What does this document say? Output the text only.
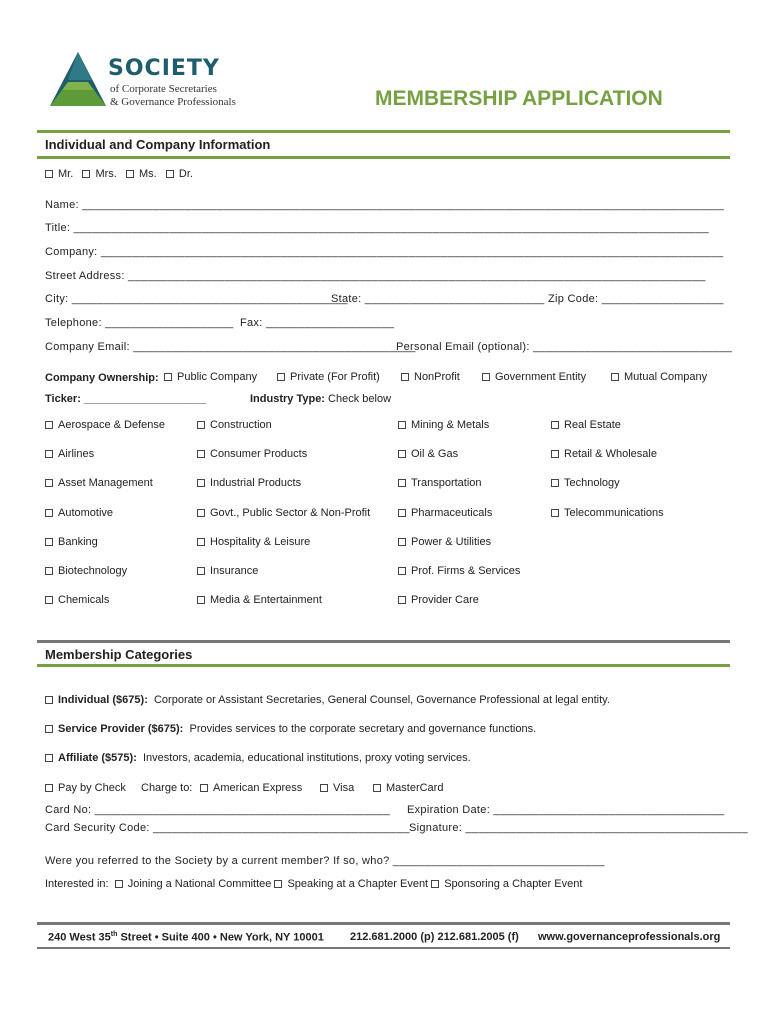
SOCIETY
of Corporate Secretaries
& Governance Professionals	MEMBERSHIP APPLICATION
Individual and Company Information
Mr. Mrs. Ms. Dr.
Name: ____________________________________________________________________________________________________
Title: ___________________________________________________________________________________________________
Company: _________________________________________________________________________________________________
Street Address: __________________________________________________________________________________________
City: ___________________________________________
State: ____________________________ Zip Code: ___________________
Telephone: ____________________ Fax: ____________________
Company Email: ____________________________________________
Personal Email (optional): _______________________________
Company Ownership:	Public Company	Private (For Profit)	NonProfit	Government Entity	Mutual Company
Ticker: ____________________	Industry Type: Check below
Aerospace & Defense	Construction	Mining & Metals	Real Estate
Airlines	Consumer Products	Oil & Gas	Retail & Wholesale
Asset Management	Industrial Products	Transportation	Technology
Automotive	Govt., Public Sector & Non-Profit	Pharmaceuticals	Telecommunications
Banking	Hospitality & Leisure	Power & Utilities
Biotechnology	Insurance	Prof. Firms & Services
Chemicals	Media & Entertainment	Provider Care
Membership Categories
Individual ($675): Corporate or Assistant Secretaries, General Counsel, Governance Professional at legal entity.
Service Provider ($675): Provides services to the corporate secretary and governance functions.
Affiliate ($575): Investors, academia, educational institutions, proxy voting services.
Pay by Check Charge to:	American Express	Visa	MasterCard
Card No: ______________________________________________ Expiration Date: ____________________________________
Card Security Code: ________________________________________ Signature: ____________________________________________
Were you referred to the Society by a current member? If so, who? _________________________________
Interested in: Joining a National Committee Speaking at a Chapter Event Sponsoring a Chapter Event
240 West 35th Street • Suite 400 • New York, NY 10001 212.681.2000 (p) 212.681.2005 (f) www.governanceprofessionals.org
